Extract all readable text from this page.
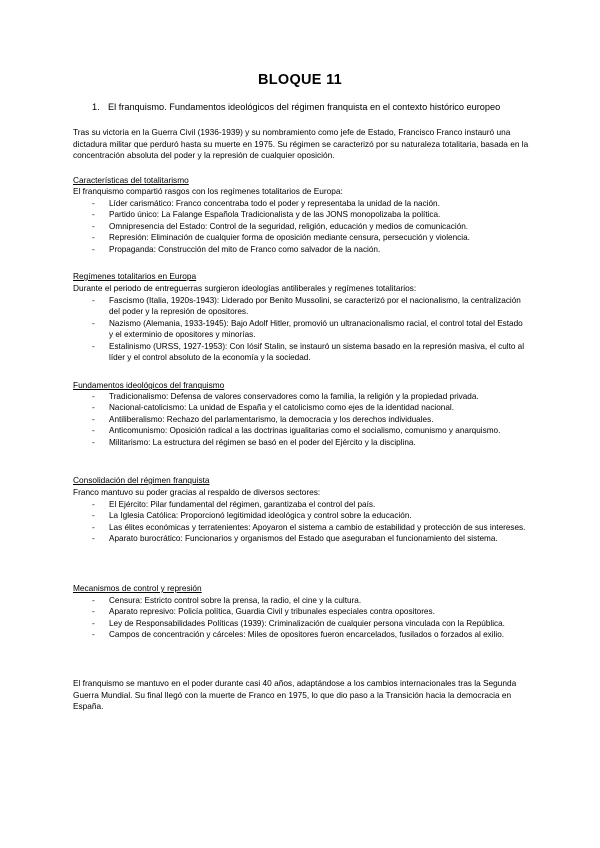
BLOQUE 11
1. El franquismo. Fundamentos ideológicos del régimen franquista en el contexto histórico europeo
Tras su victoria en la Guerra Civil (1936-1939) y su nombramiento como jefe de Estado, Francisco Franco instauró una dictadura militar que perduró hasta su muerte en 1975. Su régimen se caracterizó por su naturaleza totalitaria, basada en la concentración absoluta del poder y la represión de cualquier oposición.
Características del totalitarismo
El franquismo compartió rasgos con los regímenes totalitarios de Europa:
- Líder carismático: Franco concentraba todo el poder y representaba la unidad de la nación.
- Partido único: La Falange Española Tradicionalista y de las JONS monopolizaba la política.
- Omnipresencia del Estado: Control de la seguridad, religión, educación y medios de comunicación.
- Represión: Eliminación de cualquier forma de oposición mediante censura, persecución y violencia.
- Propaganda: Construcción del mito de Franco como salvador de la nación.
Regímenes totalitarios en Europa
Durante el periodo de entreguerras surgieron ideologías antiliberales y regímenes totalitarios:
- Fascismo (Italia, 1920s-1943): Liderado por Benito Mussolini, se caracterizó por el nacionalismo, la centralización del poder y la represión de opositores.
- Nazismo (Alemania, 1933-1945): Bajo Adolf Hitler, promovió un ultranacionalismo racial, el control total del Estado y el exterminio de opositores y minorías.
- Estalinismo (URSS, 1927-1953): Con Iósif Stalin, se instauró un sistema basado en la represión masiva, el culto al líder y el control absoluto de la economía y la sociedad.
Fundamentos ideológicos del franquismo
- Tradicionalismo: Defensa de valores conservadores como la familia, la religión y la propiedad privada.
- Nacional-catolicismo: La unidad de España y el catolicismo como ejes de la identidad nacional.
- Antiliberalismo: Rechazo del parlamentarismo, la democracia y los derechos individuales.
- Anticomunismo: Oposición radical a las doctrinas igualitarias como el socialismo, comunismo y anarquismo.
- Militarismo: La estructura del régimen se basó en el poder del Ejército y la disciplina.
Consolidación del régimen franquista
Franco mantuvo su poder gracias al respaldo de diversos sectores:
- El Ejército: Pilar fundamental del régimen, garantizaba el control del país.
- La Iglesia Católica: Proporcionó legitimidad ideológica y control sobre la educación.
- Las élites económicas y terratenientes: Apoyaron el sistema a cambio de estabilidad y protección de sus intereses.
- Aparato burocrático: Funcionarios y organismos del Estado que aseguraban el funcionamiento del sistema.
Mecanismos de control y represión
- Censura: Estricto control sobre la prensa, la radio, el cine y la cultura.
- Aparato represivo: Policía política, Guardia Civil y tribunales especiales contra opositores.
- Ley de Responsabilidades Políticas (1939): Criminalización de cualquier persona vinculada con la República.
- Campos de concentración y cárceles: Miles de opositores fueron encarcelados, fusilados o forzados al exilio.
El franquismo se mantuvo en el poder durante casi 40 años, adaptándose a los cambios internacionales tras la Segunda Guerra Mundial. Su final llegó con la muerte de Franco en 1975, lo que dio paso a la Transición hacia la democracia en España.
